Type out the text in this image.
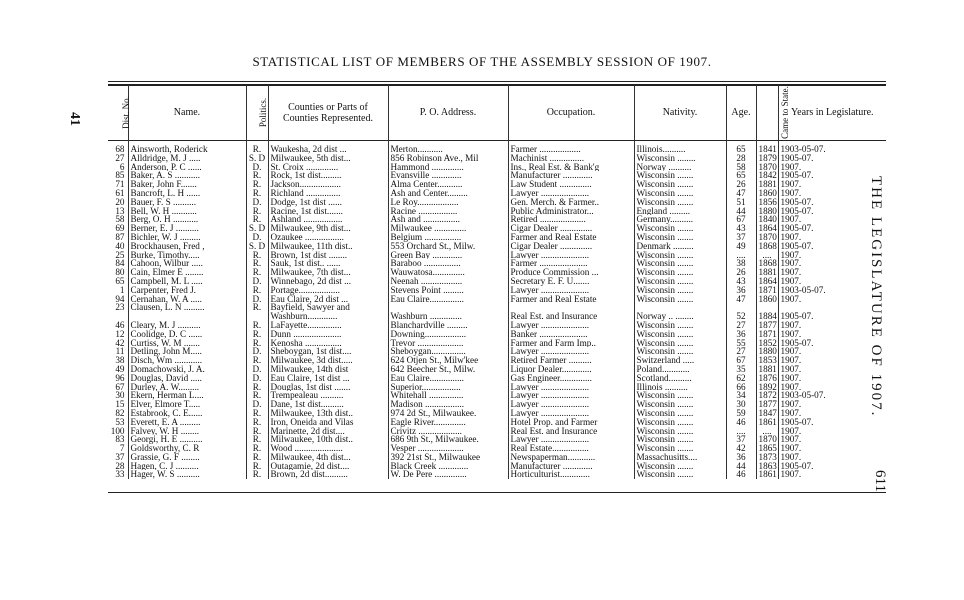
STATISTICAL LIST OF MEMBERS OF THE ASSEMBLY SESSION OF 1907.
41
THE LEGISLATURE OF 1907.
611
Dist. No.	Name.	Politics.	Counties or Parts of Counties Represented.	P. O. Address.	Occupation.	Nativity.	Age.	Came to State.	Years in Legislature.
68	Ainsworth, Roderick	R.	Waukesha, 2d dist ...	Merton...........	Farmer ..................	Illinois..........	65	1841	1903-05-07.
27	Alldridge, M. J .....	S. D	Milwaukee, 5th dist...	856 Robinson Ave., Mil	Machinist ...............	Wisconsin ........	28	1879	1905-07.
6	Anderson, P. C ......	D.	St. Croix ..............	Hammond ..............	Ins., Real Est. & Bank'g	Norway ..........	58	1870	1907.
85	Baker, A. S ...........	R.	Rock, 1st dist.........	Evansville .............	Manufacturer .............	Wisconsin .......	65	1842	1905-07.
71	Baker, John F.......	R.	Jackson..................	Alma Center...........	Law Student ..............	Wisconsin .......	26	1881	1907.
61	Bancroft, L. H ......	R.	Richland ...............	Ash and Center.........	Lawyer .....................	Wisconsin .......	47	1860	1907.
20	Bauer, F. S ..........	D.	Dodge, 1st dist ......	Le Roy..................	Gen. Merch. & Farmer..	Wisconsin .......	51	1856	1905-07.
13	Bell, W. H ...........	R.	Racine, 1st dist.......	Racine .................	Public Administrator...	England .........	44	1880	1905-07.
58	Berg, O. H ...........	R.	Ashland .................	Ash and ................	Retired ....................	Germany..........	67	1840	1907.
69	Berner, E. J ..........	S. D	Milwaukee, 9th dist...	Milwaukee ..............	Cigar Dealer ..............	Wisconsin .......	43	1864	1905-07.
87	Bichler, W. J .........	D.	Ozaukee .................	Belgium ................	Farmer and Real Estate	Wisconsin .......	37	1870	1907.
40	Brockhausen, Fred ,	S. D	Milwaukee, 11th dist..	553 Orchard St., Milw.	Cigar Dealer ..............	Denmark .........	49	1868	1905-07.
25	Burke, Timothy.....	R.	Brown, 1st dist ........	Green Bay .............	Lawyer .....................	Wisconsin .......	....	....	1907.
84	Cahoon, Wilbur .....	R.	Sauk, 1st dist.. ......	Baraboo ................	Farmer .....................	Wisconsin .......	38	1868	1907.
80	Cain, Elmer E ........	R.	Milwaukee, 7th dist...	Wauwatosa..............	Produce Commission ...	Wisconsin .......	26	1881	1907.
65	Campbell, M. L .....	D.	Winnebago, 2d dist ...	Neenah ..................	Secretary E. F. U.......	Wisconsin .......	43	1864	1907.
1	Carpenter, Fred J.	R.	Portage..................	Stevens Point .........	Lawyer .....................	Wisconsin .......	36	1871	1903-05-07.
94	Cernahan, W. A .....	D.	Eau Claire, 2d dist ...	Eau Claire...............	Farmer and Real Estate	Wisconsin .......	47	1860	1907.
23	Clausen, L. N .........	R.	Bayfield, Sawyer and						
			Washburn.............	Washburn ..............	Real Est. and Insurance	Norway .. ........	52	1884	1905-07.
46	Cleary, M. J ..........	R.	LaFayette...............	Blanchardville .........	Lawyer .....................	Wisconsin .......	27	1877	1907.
12	Coolidge, D. C ......	R.	Dunn .....................	Downing..................	Banker .....................	Wisconsin .......	36	1871	1907.
42	Curtiss, W. M .......	R.	Kenosha ................	Trevor ....................	Farmer and Farm Imp..	Wisconsin .......	55	1852	1905-07.
11	Detling, John M.....	D.	Sheboygan, 1st dist....	Sheboygan...............	Lawyer .....................	Wisconsin .......	27	1880	1907.
38	Disch, Wm ............	R.	Milwaukee, 3d dist.....	624 Otjen St., Milw'kee	Retired Farmer ..........	Switzerland .....	67	1853	1907.
49	Domachowski, J. A.	D.	Milwaukee, 14th dist	642 Beecher St., Milw.	Liquor Dealer.............	Poland............	35	1881	1907.
96	Douglas, David .....	D.	Eau Claire, 1st dist ...	Eau Claire...............	Gas Engineer..............	Scotland..........	62	1876	1907.
67	Durley, A. W.........	R.	Douglas, 1st dist .......	Superior.................	Lawyer .....................	Illinois ..........	66	1892	1907.
30	Ekern, Herman L....	R.	Trempealeau ..........	Whitehall ...............	Lawyer .....................	Wisconsin .......	34	1872	1903-05-07.
15	Elver, Elmore T.....	D.	Dane, 1st dist..........	Madison .................	Lawyer .....................	Wisconsin .......	30	1877	1907.
82	Estabrook, C. E......	R.	Milwaukee, 13th dist..	974 2d St., Milwaukee.	Lawyer .....................	Wisconsin .......	59	1847	1907.
53	Everett, E. A .........	R.	Iron, Oneida and Vilas	Eagle River..............	Hotel Prop. and Farmer	Wisconsin .......	46	1861	1905-07.
100	Falvey, W. H ........	R.	Marinette, 2d dist....	Crivitz ...................	Real Est. and Insurance	Wisconsin .......	....	....	1907.
83	Georgi, H. E ..........	R.	Milwaukee, 10th dist..	686 9th St., Milwaukee.	Lawyer .....................	Wisconsin .......	37	1870	1907.
7	Goldsworthy, C. R	R.	Wood .....................	Vesper ....................	Real Estate................	Wisconsin .......	42	1865	1907.
37	Grassie, G. F ........	R.	Milwaukee, 4th dist...	392 21st St., Milwaukee	Newspaperman............	Massachusitts....	36	1873	1907.
28	Hagen, C. J ..........	R.	Outagamie, 2d dist....	Black Creek .............	Manufacturer .............	Wisconsin .......	44	1863	1905-07.
33	Hager, W. S ..........	R.	Brown, 2d dist..........	W. De Pere ..............	Horticulturist.............	Wisconsin .......	46	1861	1907.
